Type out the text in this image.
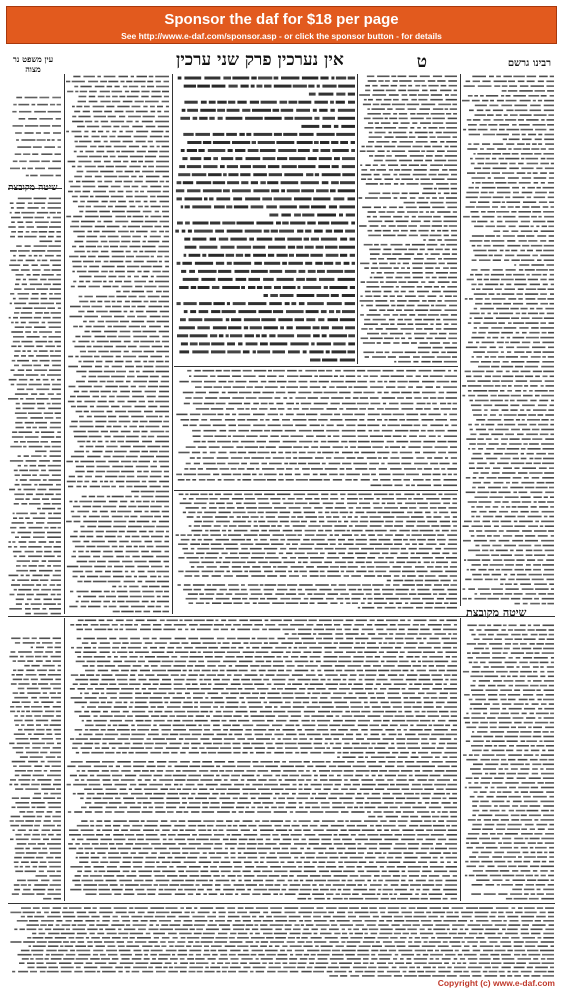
Sponsor the daf for $18 per page
See http://www.e-daf.com/sponsor.asp - or click the sponsor button - for details
רבינו גרשם
ט
אין נערכין פרק שני ערכין
עין משפט נר מצוה
שיטה מקובצת
שיטה מקובצת
Copyright (c) www.e-daf.com
